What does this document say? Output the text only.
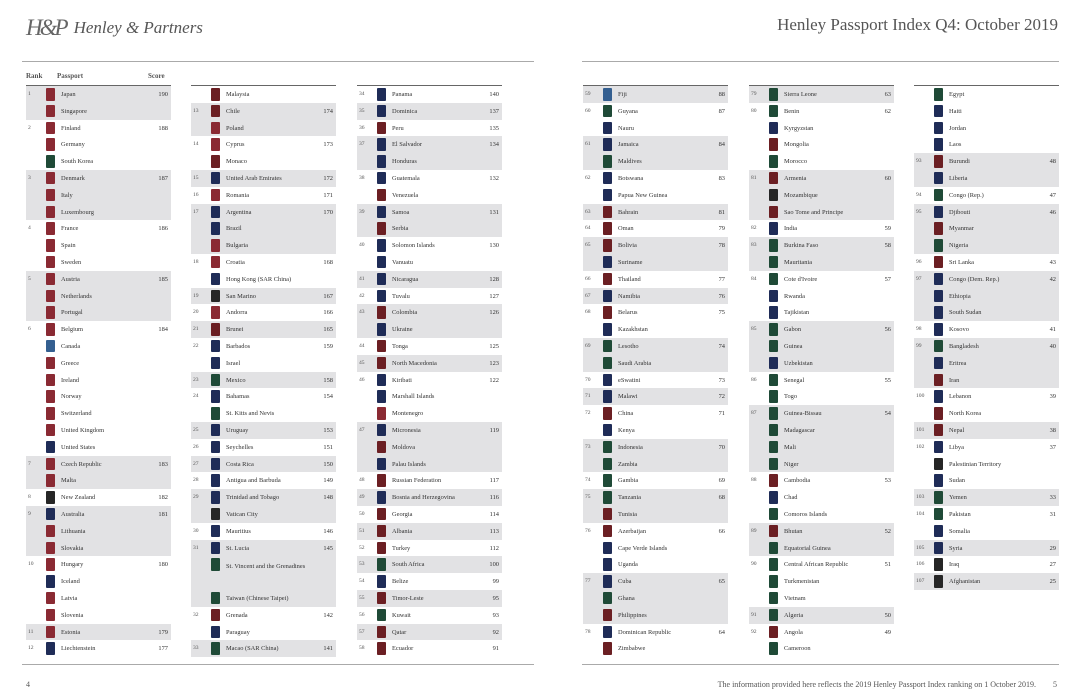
H&P Henley & Partners	Henley Passport Index Q4: October 2019
Rank Passport	Score
1	Japan	190
Singapore
2	Finland	188
Germany
South Korea
3	Denmark	187
Italy
Luxembourg
4	France	186
Spain
Sweden
5	Austria	185
Netherlands
Portugal
6	Belgium	184
Canada
Greece
Ireland
Norway
Switzerland
United Kingdom
United States
7	Czech Republic	183
Malta
8	New Zealand	182
9	Australia	181
Lithuania
Slovakia
10	Hungary	180
Iceland
Latvia
Slovenia
11	Estonia	179
12	Liechtenstein	177
Malaysia
13	Chile	174
Poland
14	Cyprus	173
Monaco
15	United Arab Emirates	172
16	Romania	171
17	Argentina	170
Brazil
Bulgaria
18	Croatia	168
Hong Kong (SAR China)
19	San Marino	167
20	Andorra	166
21	Brunei	165
22	Barbados	159
Israel
23	Mexico	158
24	Bahamas	154
St. Kitts and Nevis
25	Uruguay	153
26	Seychelles	151
27	Costa Rica	150
28	Antigua and Barbuda	149
29	Trinidad and Tobago	148
Vatican City
30	Mauritius	146
31	St. Lucia	145
St. Vincent and the Grenadines
Taiwan (Chinese Taipei)
32	Grenada	142
Paraguay
33	Macao (SAR China)	141
34	Panama	140
35	Dominica	137
36	Peru	135
37	El Salvador	134
Honduras
38	Guatemala	132
Venezuela
39	Samoa	131
Serbia
40	Solomon Islands	130
Vanuatu
41	Nicaragua	128
42	Tuvalu	127
43	Colombia	126
Ukraine
44	Tonga	125
45	North Macedonia	123
46	Kiribati	122
Marshall Islands
Montenegro
47	Micronesia	119
Moldova
Palau Islands
48	Russian Federation	117
49	Bosnia and Herzegovina	116
50	Georgia	114
51	Albania	113
52	Turkey	112
53	South Africa	100
54	Belize	99
55	Timor-Leste	95
56	Kuwait	93
57	Qatar	92
58	Ecuador	91
59	Fiji	88
60	Guyana	87
Nauru
61	Jamaica	84
Maldives
62	Botswana	83
Papua New Guinea
63	Bahrain	81
64	Oman	79
65	Bolivia	78
Suriname
66	Thailand	77
67	Namibia	76
68	Belarus	75
Kazakhstan
69	Lesotho	74
Saudi Arabia
70	eSwatini	73
71	Malawi	72
72	China	71
Kenya
73	Indonesia	70
Zambia
74	Gambia	69
75	Tanzania	68
Tunisia
76	Azerbaijan	66
Cape Verde Islands
Uganda
77	Cuba	65
Ghana
Philippines
78	Dominican Republic	64
Zimbabwe
79	Sierra Leone	63
80	Benin	62
Kyrgyzstan
Mongolia
Morocco
81	Armenia	60
Mozambique
Sao Tome and Principe
82	India	59
83	Burkina Faso	58
Mauritania
84	Cote d'Ivoire	57
Rwanda
Tajikistan
85	Gabon	56
Guinea
Uzbekistan
86	Senegal	55
Togo
87	Guinea-Bissau	54
Madagascar
Mali
Niger
88	Cambodia	53
Chad
Comoros Islands
89	Bhutan	52
Equatorial Guinea
90	Central African Republic	51
Turkmenistan
Vietnam
91	Algeria	50
92	Angola	49
Cameroon
Egypt
Haiti
Jordan
Laos
93	Burundi	48
Liberia
94	Congo (Rep.)	47
95	Djibouti	46
Myanmar
Nigeria
96	Sri Lanka	43
97	Congo (Dem. Rep.)	42
Ethiopia
South Sudan
98	Kosovo	41
99	Bangladesh	40
Eritrea
Iran
100	Lebanon	39
North Korea
101	Nepal	38
102	Libya	37
Palestinian Territory
Sudan
103	Yemen	33
104	Pakistan	31
Somalia
105	Syria	29
106	Iraq	27
107	Afghanistan	25
4	The information provided here reflects the 2019 Henley Passport Index ranking on 1 October 2019. 5
